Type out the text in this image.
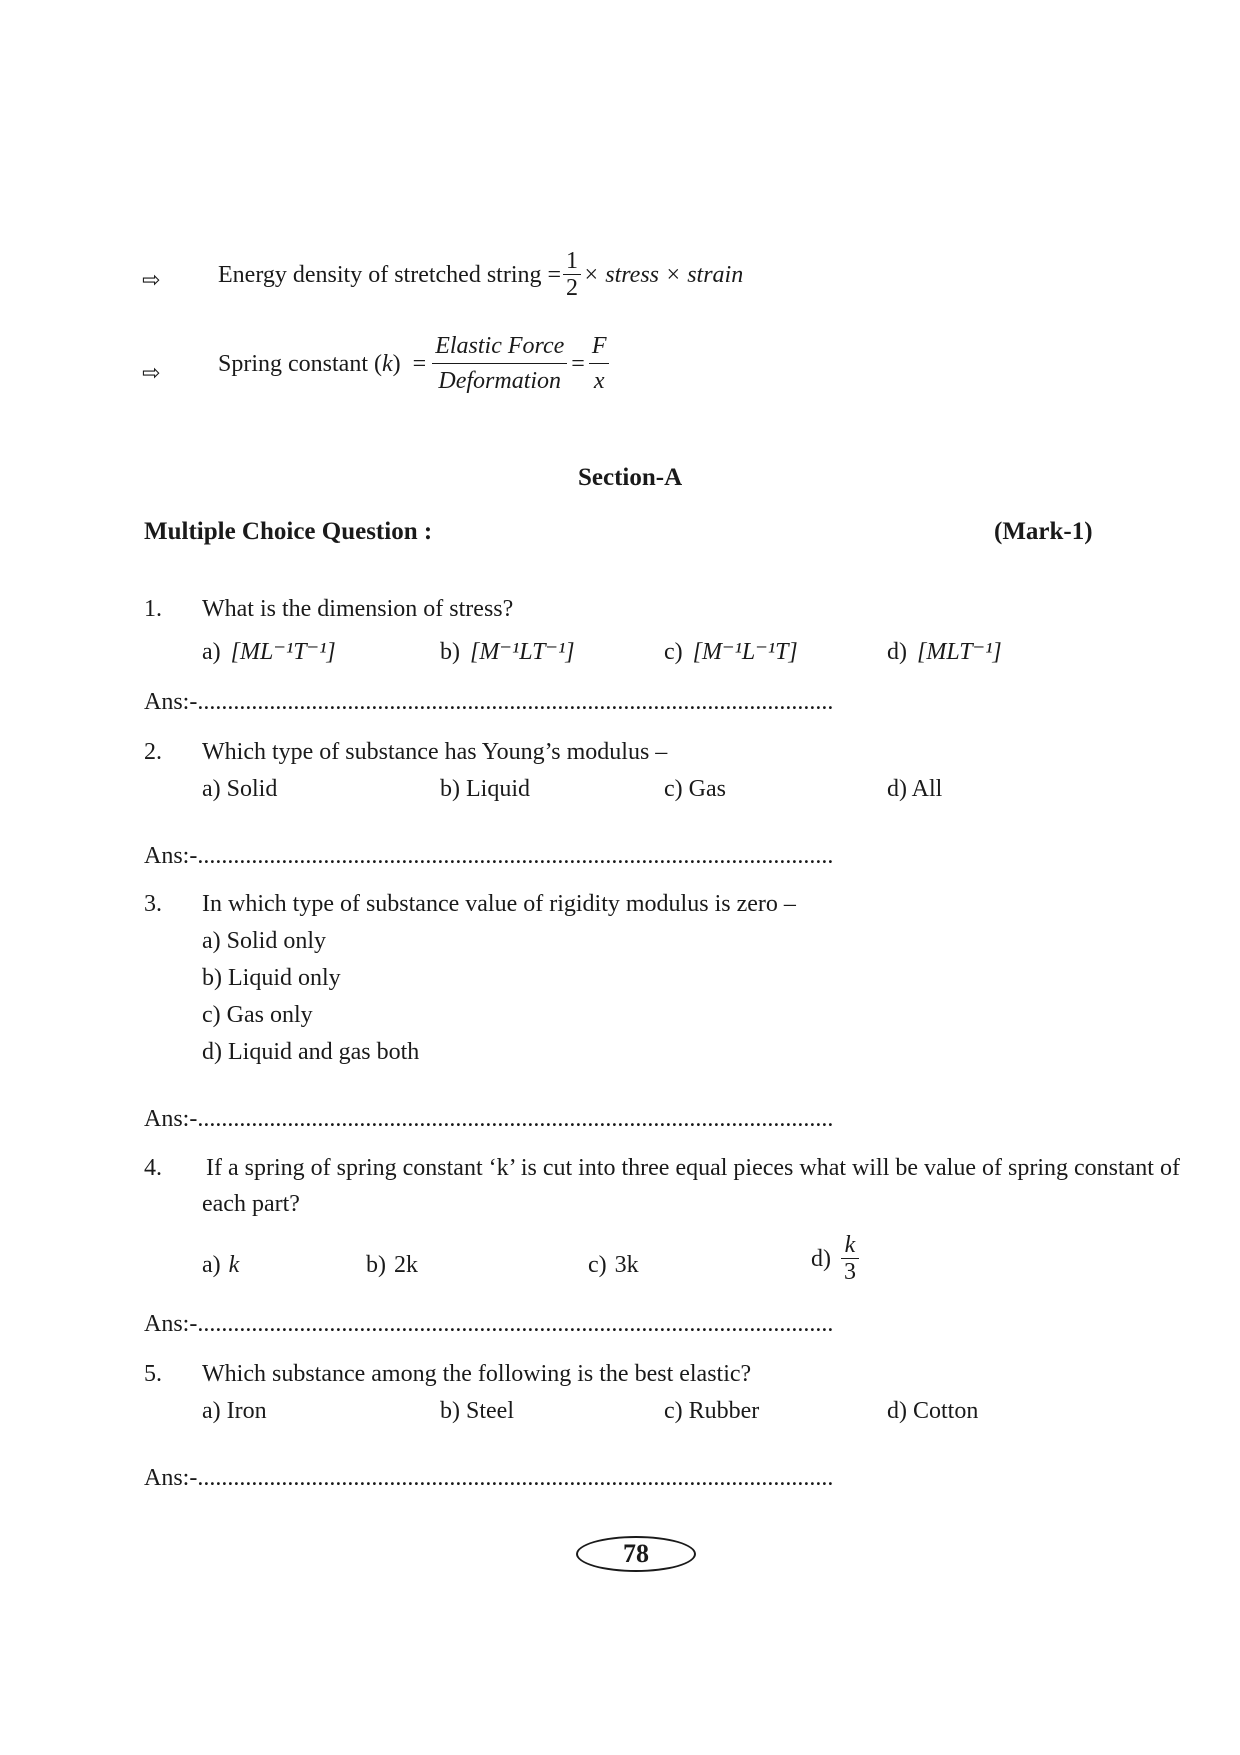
⇨ Energy density of stretched string = $\frac{1}{2}$ × stress × strain
⇨ Spring constant ( k ) = $\frac{\text{Elastic Force}}{\text{Deformation}} = \frac{F}{x}$
Section-A
Multiple Choice Question :	(Mark-1)
1. What is the dimension of stress?
a) [ML⁻¹T⁻¹]	b) [M⁻¹LT⁻¹]	c) [M⁻¹L⁻¹T]	d) [MLT⁻¹]
Ans:-..........................................................................................................
2. Which type of substance has Young’s modulus –
a) Solid	b) Liquid	c) Gas	d) All
Ans:-..........................................................................................................
3. In which type of substance value of rigidity modulus is zero –
a) Solid only
b) Liquid only
c) Gas only
d) Liquid and gas both
Ans:-..........................................................................................................
4. If a spring of spring constant ‘k’ is cut into three equal pieces what will be value of spring constant of
each part?
a) k	b) 2k	c) 3k	$d) \frac{k}{3}$
Ans:-..........................................................................................................
5. Which substance among the following is the best elastic?
a) Iron	b) Steel	c) Rubber	d) Cotton
Ans:-..........................................................................................................
78
